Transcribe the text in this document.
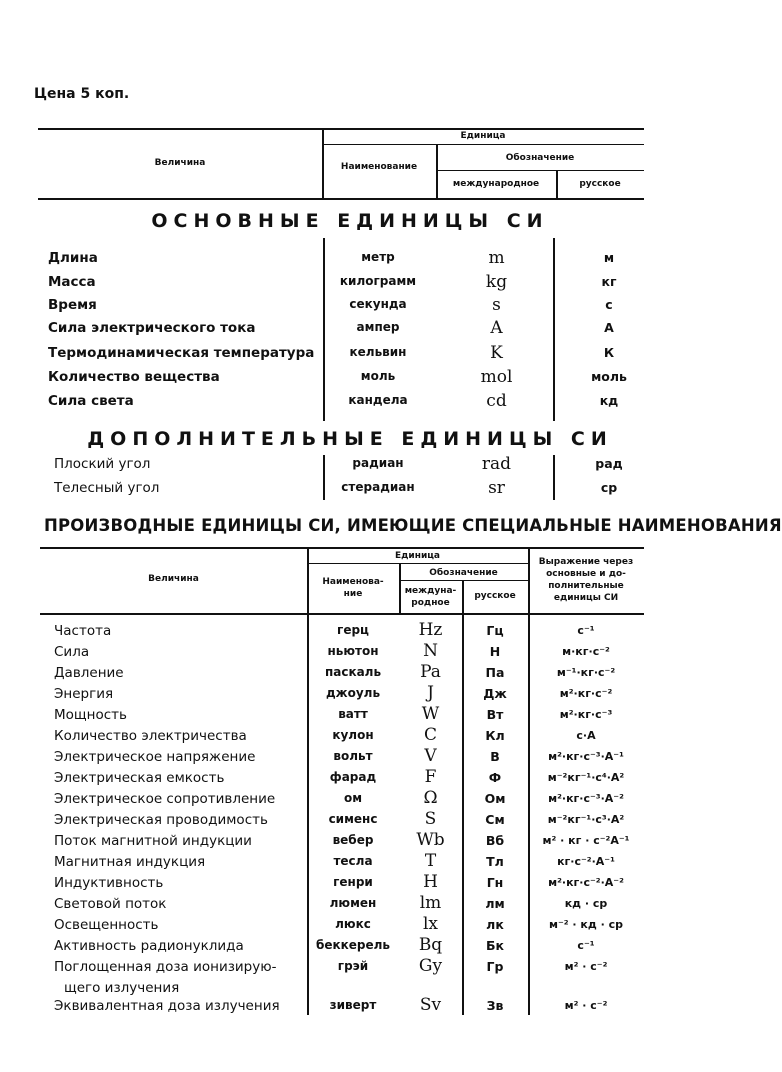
Цена 5 коп.
Величина
Единица
Наименование
Обозначение
международное	русское
ОСНОВНЫЕ ЕДИНИЦЫ СИ
Длина	метр	m	м
Масса	килограмм	kg	кг
Время	секунда	s	с
Сила электрического тока	ампер	A	А
Термодинамическая температура	кельвин	K	К
Количество вещества	моль	mol	моль
Сила света	кандела	cd	кд
ДОПОЛНИТЕЛЬНЫЕ ЕДИНИЦЫ СИ
Плоский угол	радиан	rad	рад
Телесный угол	стерадиан	sr	ср
ПРОИЗВОДНЫЕ ЕДИНИЦЫ СИ, ИМЕЮЩИЕ СПЕЦИАЛЬНЫЕ НАИМЕНОВАНИЯ
Величина
Единица
Наименова-
ние
Обозначение
междуна-
родное
русское
Выражение через
основные и до-
полнительные
единицы СИ
Частота	герц	Hz	Гц	с⁻¹
Сила	ньютон	N	Н	м·кг·с⁻²
Давление	паскаль	Pa	Па	м⁻¹·кг·с⁻²
Энергия	джоуль	J	Дж	м²·кг·с⁻²
Мощность	ватт	W	Вт	м²·кг·с⁻³
Количество электричества	кулон	C	Кл	с·А
Электрическое напряжение	вольт	V	В	м²·кг·с⁻³·А⁻¹
Электрическая емкость	фарад	F	Ф	м⁻²кг⁻¹·с⁴·А²
Электрическое сопротивление	ом	Ω	Ом	м²·кг·с⁻³·А⁻²
Электрическая проводимость	сименс	S	См	м⁻²кг⁻¹·с³·А²
Поток магнитной индукции	вебер	Wb	Вб	м² · кг · с⁻²А⁻¹
Магнитная индукция	тесла	T	Тл	кг·с⁻²·А⁻¹
Индуктивность	генри	H	Гн	м²·кг·с⁻²·А⁻²
Световой поток	люмен	lm	лм	кд · ср
Освещенность	люкс	lx	лк	м⁻² · кд · ср
Активность радионуклида	беккерель	Bq	Бк	с⁻¹
Поглощенная доза ионизирую-	грэй	Gy	Гр	м² · с⁻²
щего излучения
Эквивалентная доза излучения	зиверт	Sv	Зв	м² · с⁻²
